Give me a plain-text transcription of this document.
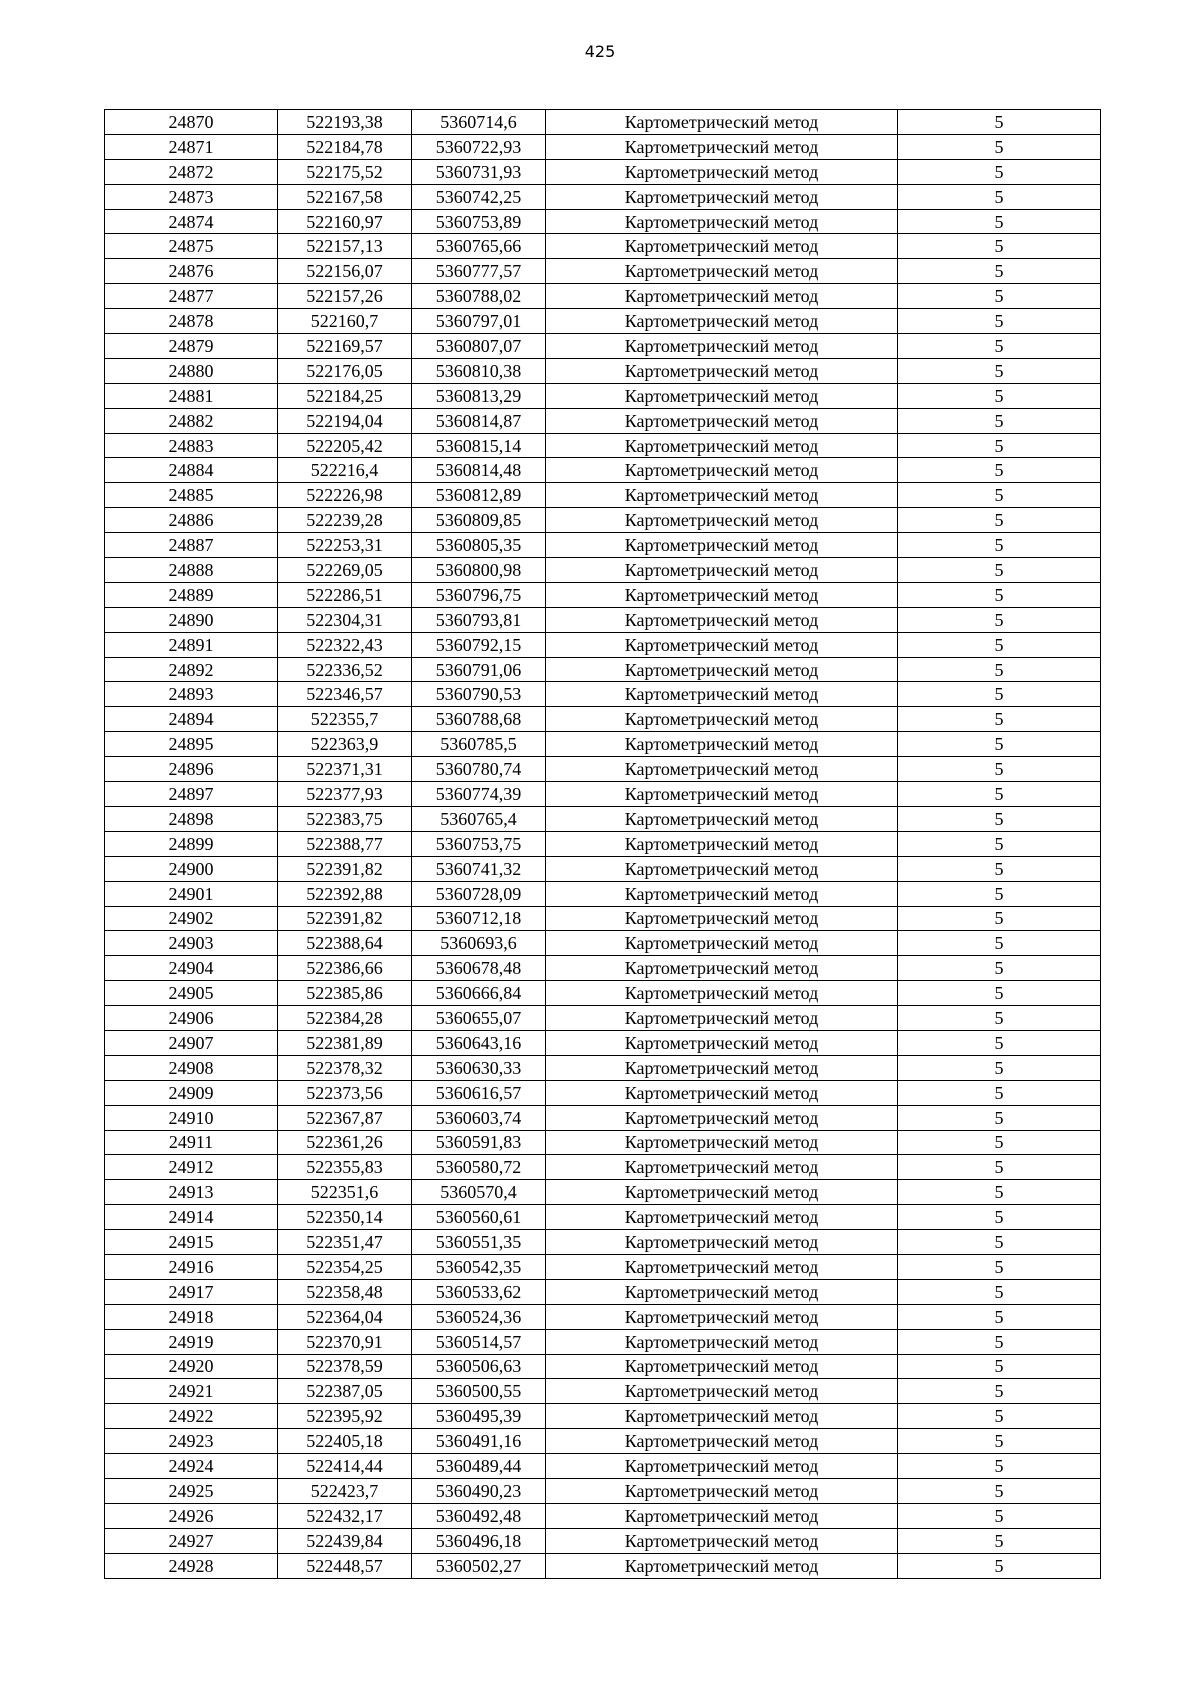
425
24870	522193,38	5360714,6	Картометрический метод	5
24871	522184,78	5360722,93	Картометрический метод	5
24872	522175,52	5360731,93	Картометрический метод	5
24873	522167,58	5360742,25	Картометрический метод	5
24874	522160,97	5360753,89	Картометрический метод	5
24875	522157,13	5360765,66	Картометрический метод	5
24876	522156,07	5360777,57	Картометрический метод	5
24877	522157,26	5360788,02	Картометрический метод	5
24878	522160,7	5360797,01	Картометрический метод	5
24879	522169,57	5360807,07	Картометрический метод	5
24880	522176,05	5360810,38	Картометрический метод	5
24881	522184,25	5360813,29	Картометрический метод	5
24882	522194,04	5360814,87	Картометрический метод	5
24883	522205,42	5360815,14	Картометрический метод	5
24884	522216,4	5360814,48	Картометрический метод	5
24885	522226,98	5360812,89	Картометрический метод	5
24886	522239,28	5360809,85	Картометрический метод	5
24887	522253,31	5360805,35	Картометрический метод	5
24888	522269,05	5360800,98	Картометрический метод	5
24889	522286,51	5360796,75	Картометрический метод	5
24890	522304,31	5360793,81	Картометрический метод	5
24891	522322,43	5360792,15	Картометрический метод	5
24892	522336,52	5360791,06	Картометрический метод	5
24893	522346,57	5360790,53	Картометрический метод	5
24894	522355,7	5360788,68	Картометрический метод	5
24895	522363,9	5360785,5	Картометрический метод	5
24896	522371,31	5360780,74	Картометрический метод	5
24897	522377,93	5360774,39	Картометрический метод	5
24898	522383,75	5360765,4	Картометрический метод	5
24899	522388,77	5360753,75	Картометрический метод	5
24900	522391,82	5360741,32	Картометрический метод	5
24901	522392,88	5360728,09	Картометрический метод	5
24902	522391,82	5360712,18	Картометрический метод	5
24903	522388,64	5360693,6	Картометрический метод	5
24904	522386,66	5360678,48	Картометрический метод	5
24905	522385,86	5360666,84	Картометрический метод	5
24906	522384,28	5360655,07	Картометрический метод	5
24907	522381,89	5360643,16	Картометрический метод	5
24908	522378,32	5360630,33	Картометрический метод	5
24909	522373,56	5360616,57	Картометрический метод	5
24910	522367,87	5360603,74	Картометрический метод	5
24911	522361,26	5360591,83	Картометрический метод	5
24912	522355,83	5360580,72	Картометрический метод	5
24913	522351,6	5360570,4	Картометрический метод	5
24914	522350,14	5360560,61	Картометрический метод	5
24915	522351,47	5360551,35	Картометрический метод	5
24916	522354,25	5360542,35	Картометрический метод	5
24917	522358,48	5360533,62	Картометрический метод	5
24918	522364,04	5360524,36	Картометрический метод	5
24919	522370,91	5360514,57	Картометрический метод	5
24920	522378,59	5360506,63	Картометрический метод	5
24921	522387,05	5360500,55	Картометрический метод	5
24922	522395,92	5360495,39	Картометрический метод	5
24923	522405,18	5360491,16	Картометрический метод	5
24924	522414,44	5360489,44	Картометрический метод	5
24925	522423,7	5360490,23	Картометрический метод	5
24926	522432,17	5360492,48	Картометрический метод	5
24927	522439,84	5360496,18	Картометрический метод	5
24928	522448,57	5360502,27	Картометрический метод	5
